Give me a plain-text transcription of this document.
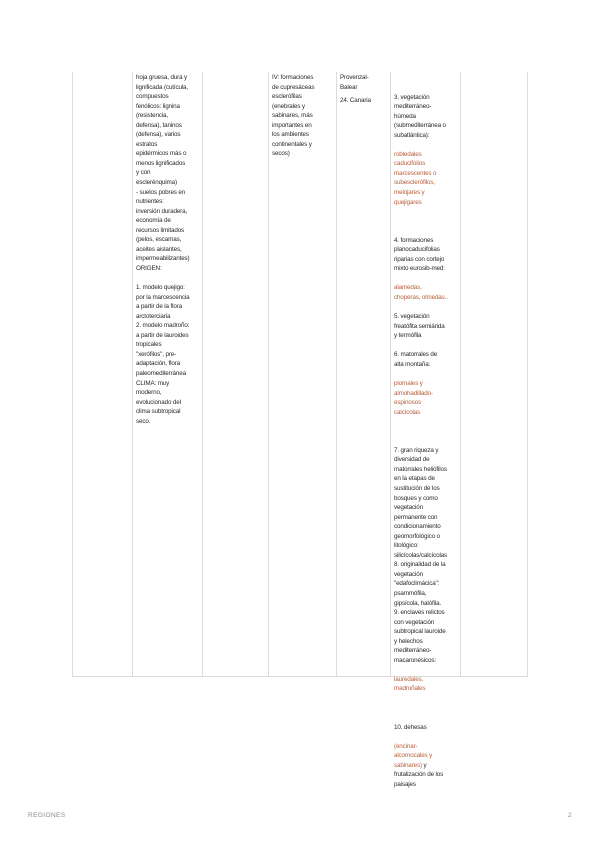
hoja gruesa, dura y
lignificada (cutícula,
compuestos
fenólicos: lignina
(resistencia,
defensa), taninos
(defensa), varios
estratos
epidérmicos más o
menos lignificados
y con
esclerénquima)
- suelos pobres en
nutrientes:
inversión duradera,
economía de
recursos limitados
(pelos, escamas,
aceites aislantes,
impermeabilizantes)
ORIGEN:

1. modelo quejigo:
por la marcescencia
a partir de la flora
arctoterciaria
2. modelo madroño:
a partir de lauroides
tropicales
"xerófilos", pre-
adaptación, flora
paleomediterránea
CLIMA: muy
moderno,
evolucionado del
clima subtropical
seco.
IV: formaciones
de cupresáceas
esclerófilas
(enebrales y
sabinares, más
importantes en
los ambientes
continentales y
secos)
Provenzal-
Balear
24. Canaria

3. vegetación
mediterráneo-
húmeda
(submediterránea o
subatlántica):

robledales
caducifolios
marcescentes o
subesclerófilos,
melojares y
quejigares

4. formaciones
planocaducifolias
riparias con cortejo
mixto eurosib-med:

alamedas,
choperas, olmedas..

5. vegetación
freatófita semiárida
y termófila

6. matorrales de
alta montaña:

piornales y
almohadillado-
espinosos
calcícolas

7. gran riqueza y
diversidad de
matorrales heliófilos
en la etapas de
sustitución de los
bosques y como
vegetación
permanente con
condicionamiento
geomorfológico o
litológico:
silicícolas/calcícolas
8. originalidad de la
vegetación
"edafoclimácica":
psammófila,
gipsícola, halófila.
9. enclaves relictos
con vegetación
subtropical lauroide
y helechos
mediterráneo-
macaronésicos:

lauredales,
madroñales

10. dehesas

(encinar-
alcornocales y
sabinares) y
frutalización de los
paisajes

REGIONES	2
